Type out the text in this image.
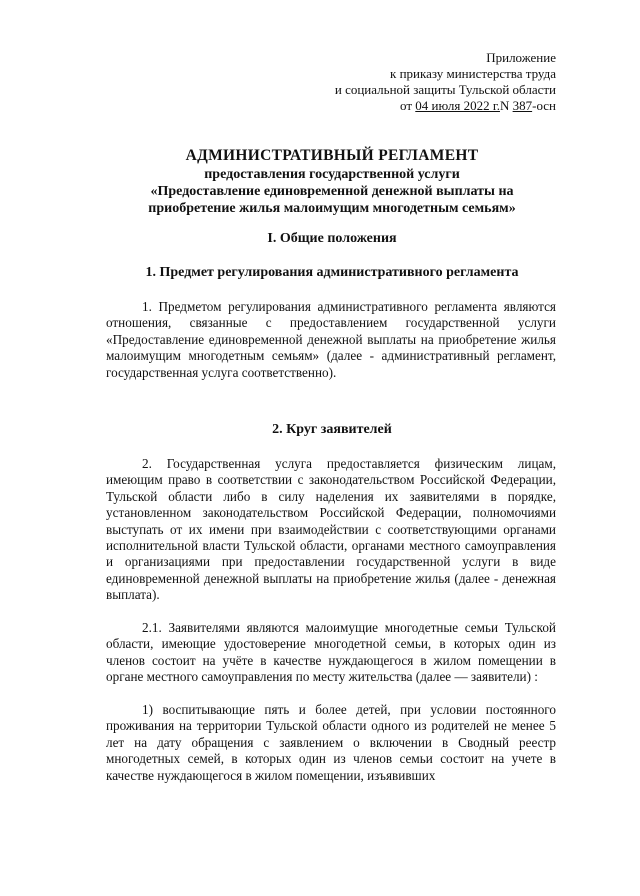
Приложение
к приказу министерства труда
и социальной защиты Тульской области
от 04 июля 2022 г.N 387-осн
АДМИНИСТРАТИВНЫЙ РЕГЛАМЕНТ
предоставления государственной услуги
«Предоставление единовременной денежной выплаты на
приобретение жилья малоимущим многодетным семьям»
I. Общие положения
1. Предмет регулирования административного регламента
1. Предметом регулирования административного регламента являются отношения, связанные с предоставлением государственной услуги «Предоставление единовременной денежной выплаты на приобретение жилья малоимущим многодетным семьям» (далее - административный регламент, государственная услуга соответственно).
2. Круг заявителей
2. Государственная услуга предоставляется физическим лицам, имеющим право в соответствии с законодательством Российской Федерации, Тульской области либо в силу наделения их заявителями в порядке, установленном законодательством Российской Федерации, полномочиями выступать от их имени при взаимодействии с соответствующими органами исполнительной власти Тульской области, органами местного самоуправления и организациями при предоставлении государственной услуги в виде единовременной денежной выплаты на приобретение жилья (далее - денежная выплата).
2.1. Заявителями являются малоимущие многодетные семьи Тульской области, имеющие удостоверение многодетной семьи, в которых один из членов состоит на учёте в качестве нуждающегося в жилом помещении в органе местного самоуправления по месту жительства (далее — заявители) :
1) воспитывающие пять и более детей, при условии постоянного проживания на территории Тульской области одного из родителей не менее 5 лет на дату обращения с заявлением о включении в Сводный реестр многодетных семей, в которых один из членов семьи состоит на учете в качестве нуждающегося в жилом помещении, изъявивших
